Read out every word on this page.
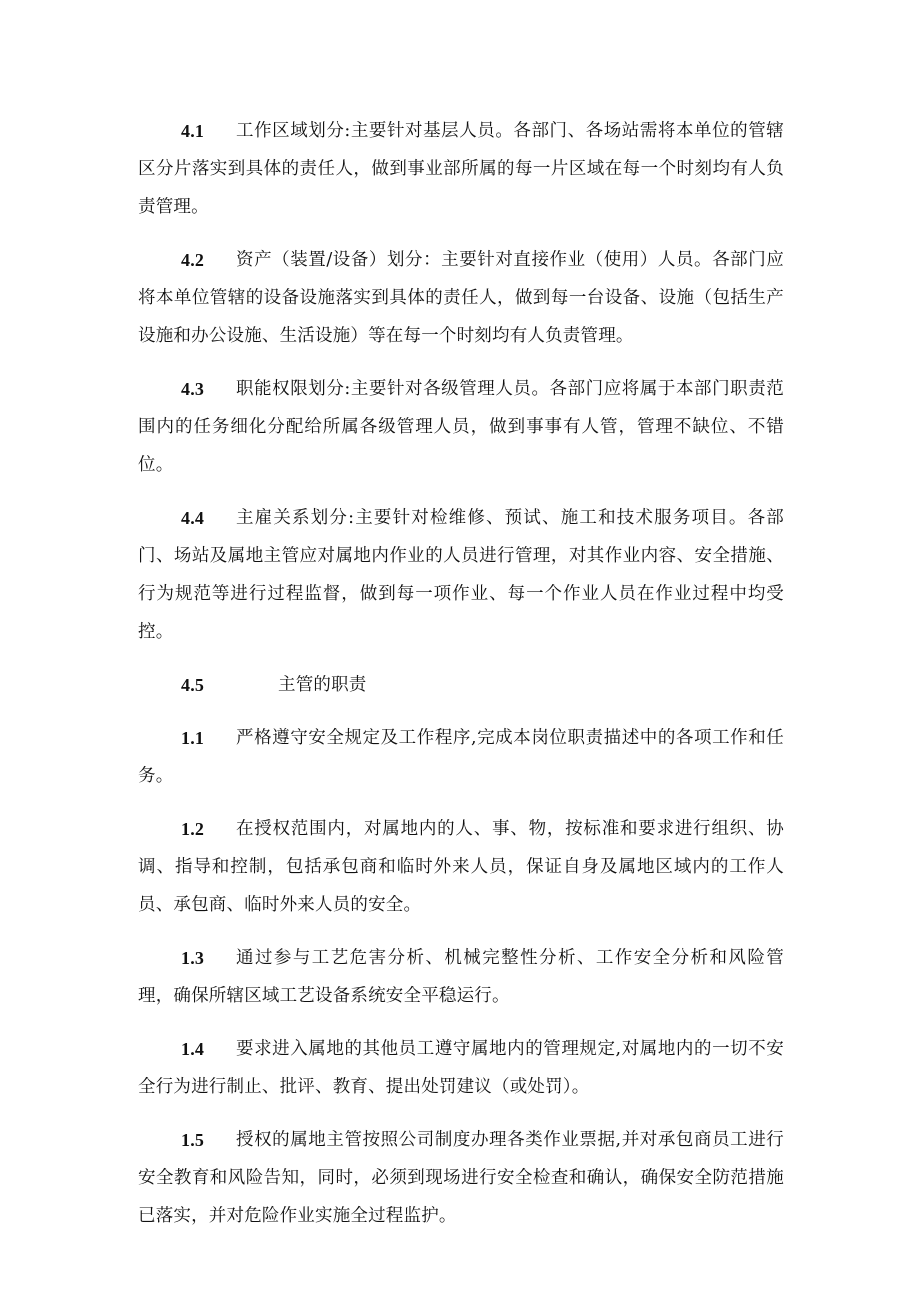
4.1 工作区域划分:主要针对基层人员。各部门、各场站需将本单位的管辖区分片落实到具体的责任人，做到事业部所属的每一片区域在每一个时刻均有人负责管理。

4.2 资产（装置/设备）划分：主要针对直接作业（使用）人员。各部门应将本单位管辖的设备设施落实到具体的责任人，做到每一台设备、设施（包括生产设施和办公设施、生活设施）等在每一个时刻均有人负责管理。

4.3 职能权限划分:主要针对各级管理人员。各部门应将属于本部门职责范围内的任务细化分配给所属各级管理人员，做到事事有人管，管理不缺位、不错位。

4.4 主雇关系划分:主要针对检维修、预试、施工和技术服务项目。各部门、场站及属地主管应对属地内作业的人员进行管理，对其作业内容、安全措施、行为规范等进行过程监督，做到每一项作业、每一个作业人员在作业过程中均受控。

4.5	主管的职责

1.1 严格遵守安全规定及工作程序,完成本岗位职责描述中的各项工作和任务。

1.2 在授权范围内，对属地内的人、事、物，按标准和要求进行组织、协调、指导和控制，包括承包商和临时外来人员，保证自身及属地区域内的工作人员、承包商、临时外来人员的安全。

1.3 通过参与工艺危害分析、机械完整性分析、工作安全分析和风险管理，确保所辖区域工艺设备系统安全平稳运行。

1.4 要求进入属地的其他员工遵守属地内的管理规定,对属地内的一切不安全行为进行制止、批评、教育、提出处罚建议（或处罚）。

1.5 授权的属地主管按照公司制度办理各类作业票据,并对承包商员工进行安全教育和风险告知，同时，必须到现场进行安全检查和确认，确保安全防范措施已落实，并对危险作业实施全过程监护。
